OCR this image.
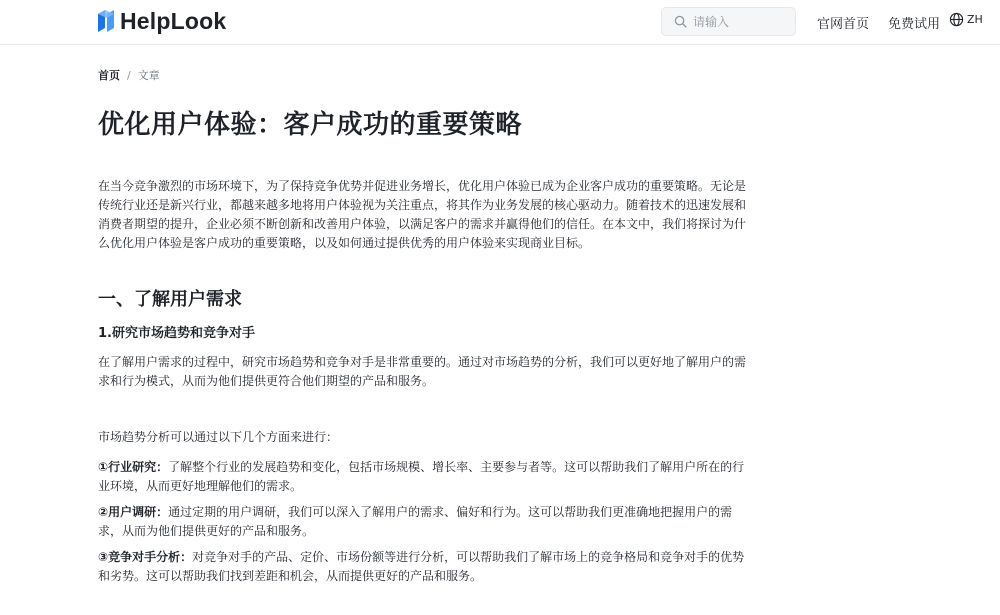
HelpLook
请输入	官网首页 免费试用 ZH
首页 / 文章
优化用户体验：客户成功的重要策略

在当今竞争激烈的市场环境下，为了保持竞争优势并促进业务增长，优化用户体验已成为企业客户成功的重要策略。无论是传统行业还是新兴行业，都越来越多地将用户体验视为关注重点，将其作为业务发展的核心驱动力。随着技术的迅速发展和消费者期望的提升，企业必须不断创新和改善用户体验，以满足客户的需求并赢得他们的信任。在本文中，我们将探讨为什么优化用户体验是客户成功的重要策略，以及如何通过提供优秀的用户体验来实现商业目标。

一、了解用户需求
1.研究市场趋势和竞争对手

在了解用户需求的过程中，研究市场趋势和竞争对手是非常重要的。通过对市场趋势的分析，我们可以更好地了解用户的需求和行为模式，从而为他们提供更符合他们期望的产品和服务。

市场趋势分析可以通过以下几个方面来进行：

①行业研究：了解整个行业的发展趋势和变化，包括市场规模、增长率、主要参与者等。这可以帮助我们了解用户所在的行业环境，从而更好地理解他们的需求。

②用户调研：通过定期的用户调研，我们可以深入了解用户的需求、偏好和行为。这可以帮助我们更准确地把握用户的需求，从而为他们提供更好的产品和服务。

③竞争对手分析：对竞争对手的产品、定价、市场份额等进行分析，可以帮助我们了解市场上的竞争格局和竞争对手的优势和劣势。这可以帮助我们找到差距和机会，从而提供更好的产品和服务。
